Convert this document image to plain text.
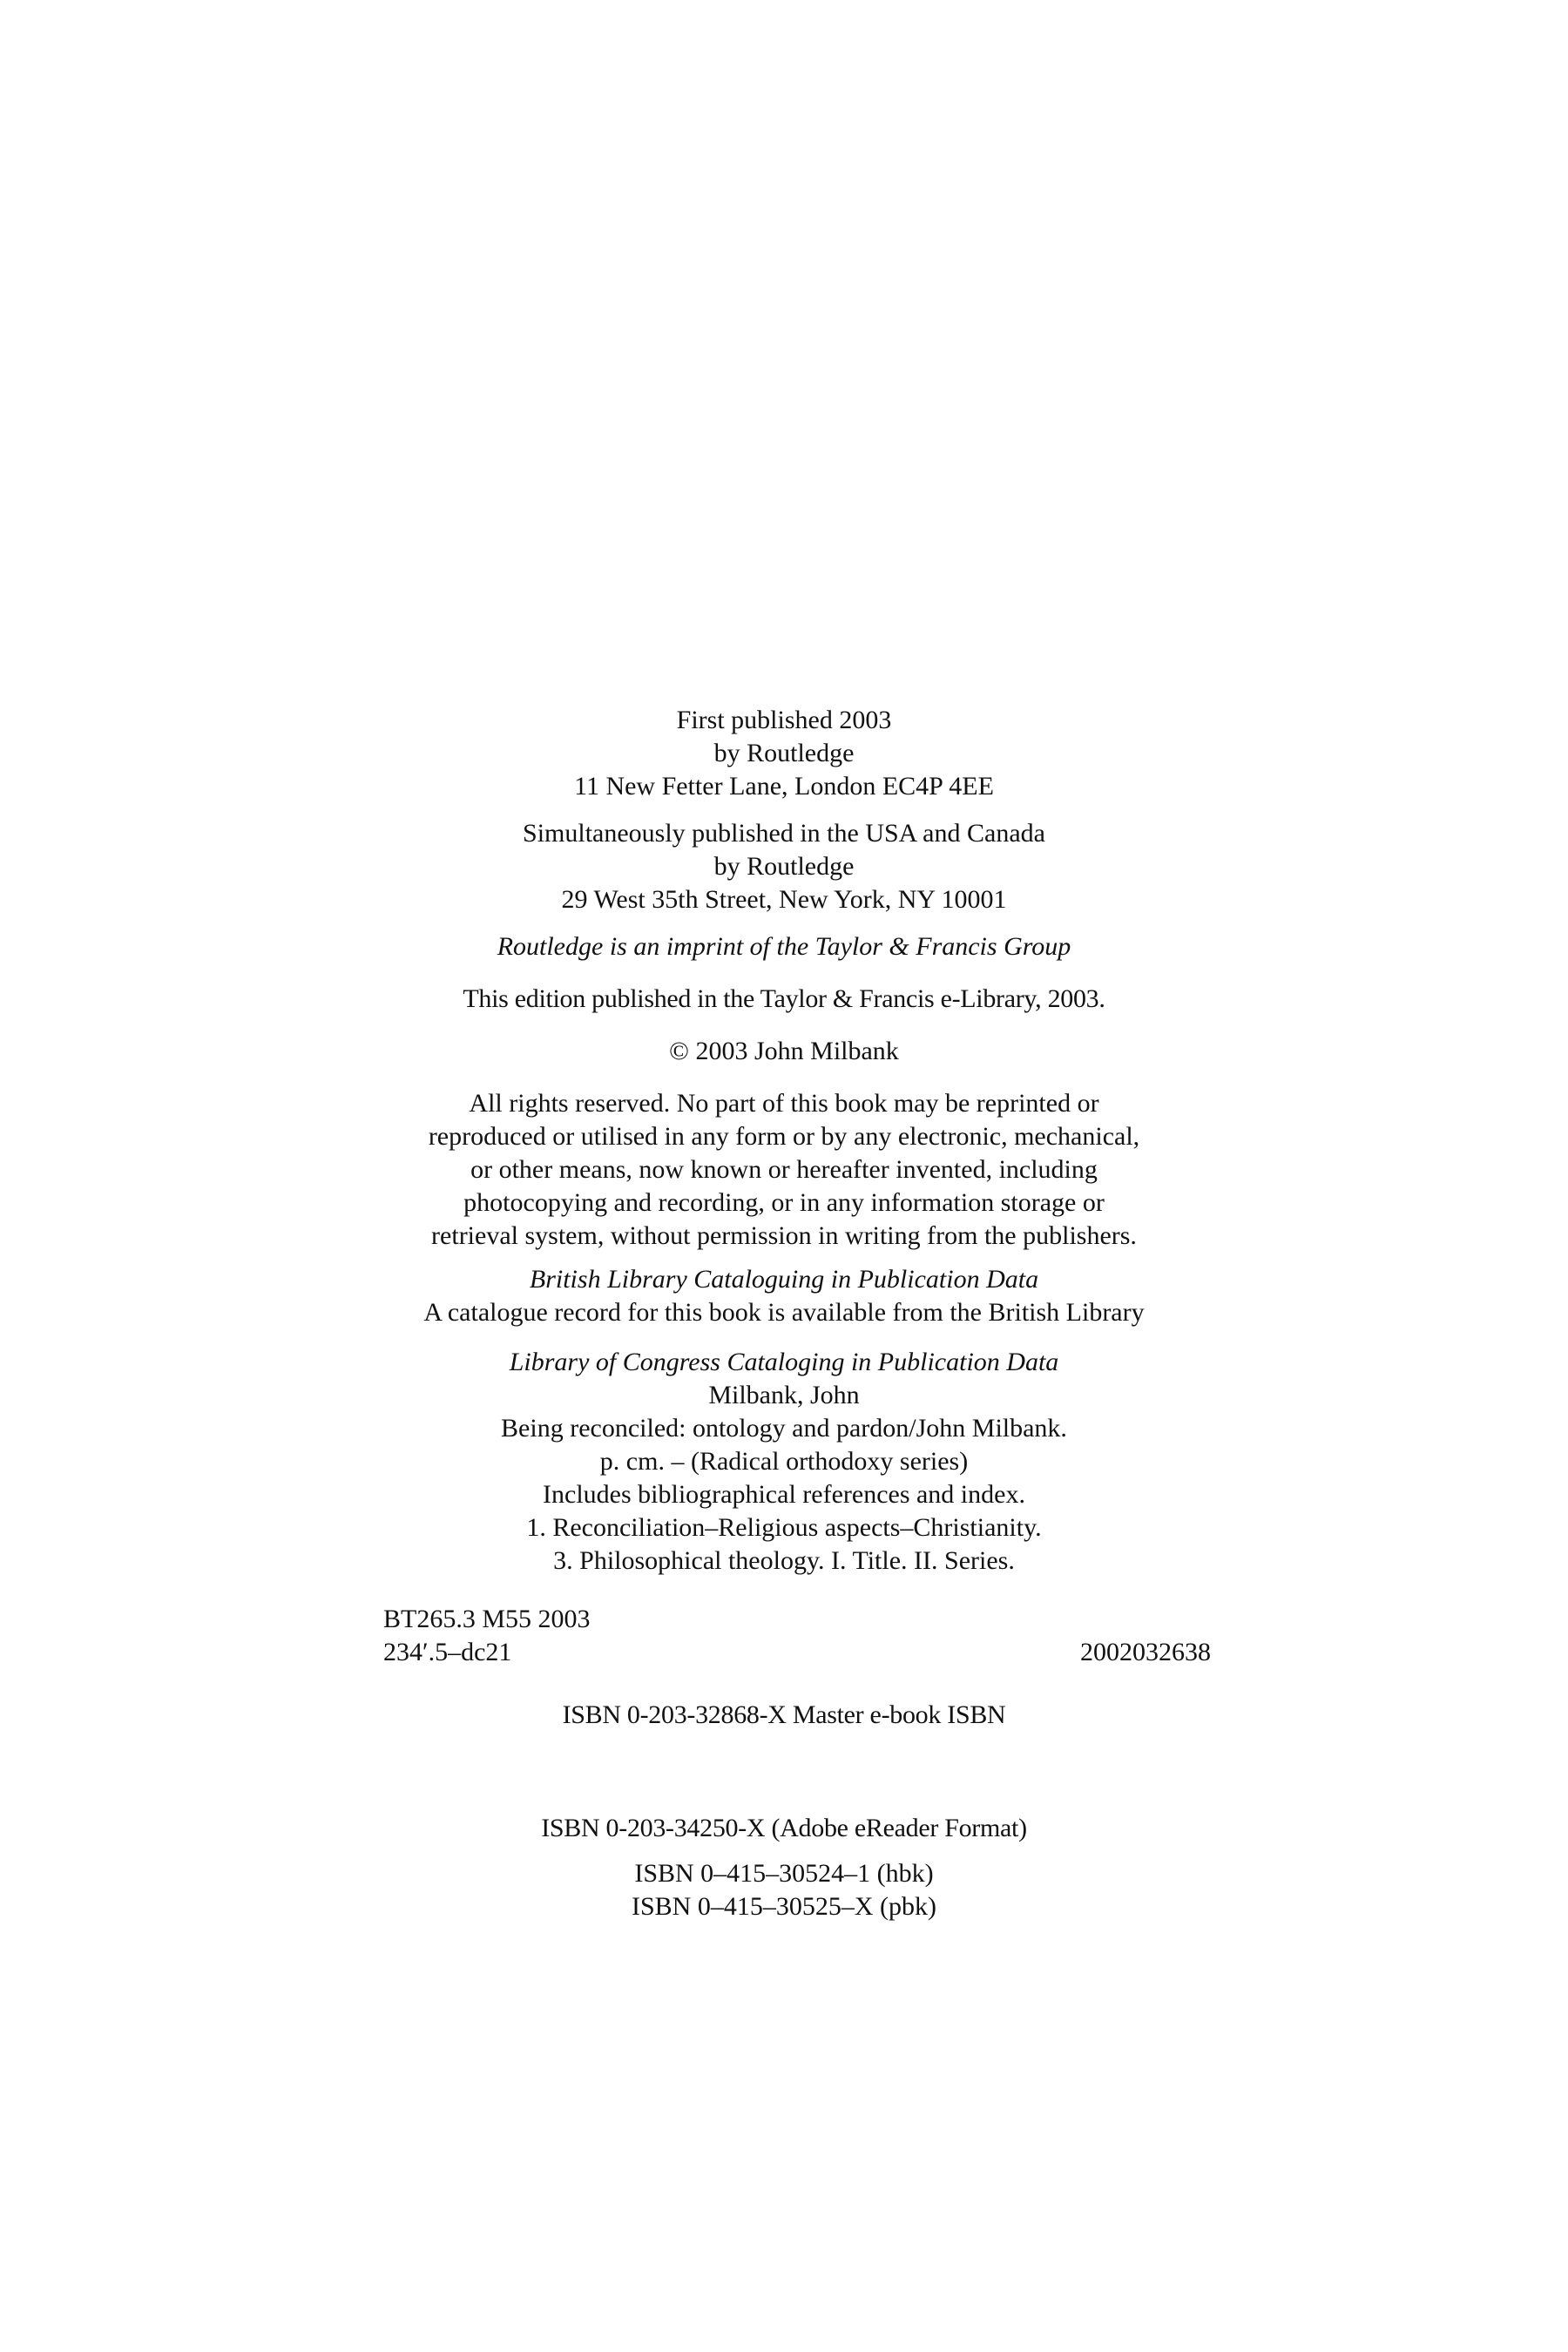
First published 2003
by Routledge
11 New Fetter Lane, London EC4P 4EE
Simultaneously published in the USA and Canada
by Routledge
29 West 35th Street, New York, NY 10001
Routledge is an imprint of the Taylor & Francis Group
This edition published in the Taylor & Francis e-Library, 2003.
© 2003 John Milbank
All rights reserved. No part of this book may be reprinted or
reproduced or utilised in any form or by any electronic, mechanical,
or other means, now known or hereafter invented, including
photocopying and recording, or in any information storage or
retrieval system, without permission in writing from the publishers.
British Library Cataloguing in Publication Data
A catalogue record for this book is available from the British Library
Library of Congress Cataloging in Publication Data
Milbank, John
Being reconciled: ontology and pardon/John Milbank.
p. cm. – (Radical orthodoxy series)
Includes bibliographical references and index.
1. Reconciliation–Religious aspects–Christianity.
3. Philosophical theology. I. Title. II. Series.
BT265.3 M55 2003
234′.5–dc21	2002032638
ISBN 0-203-32868-X Master e-book ISBN
ISBN 0-203-34250-X (Adobe eReader Format)
ISBN 0–415–30524–1 (hbk)
ISBN 0–415–30525–X (pbk)
